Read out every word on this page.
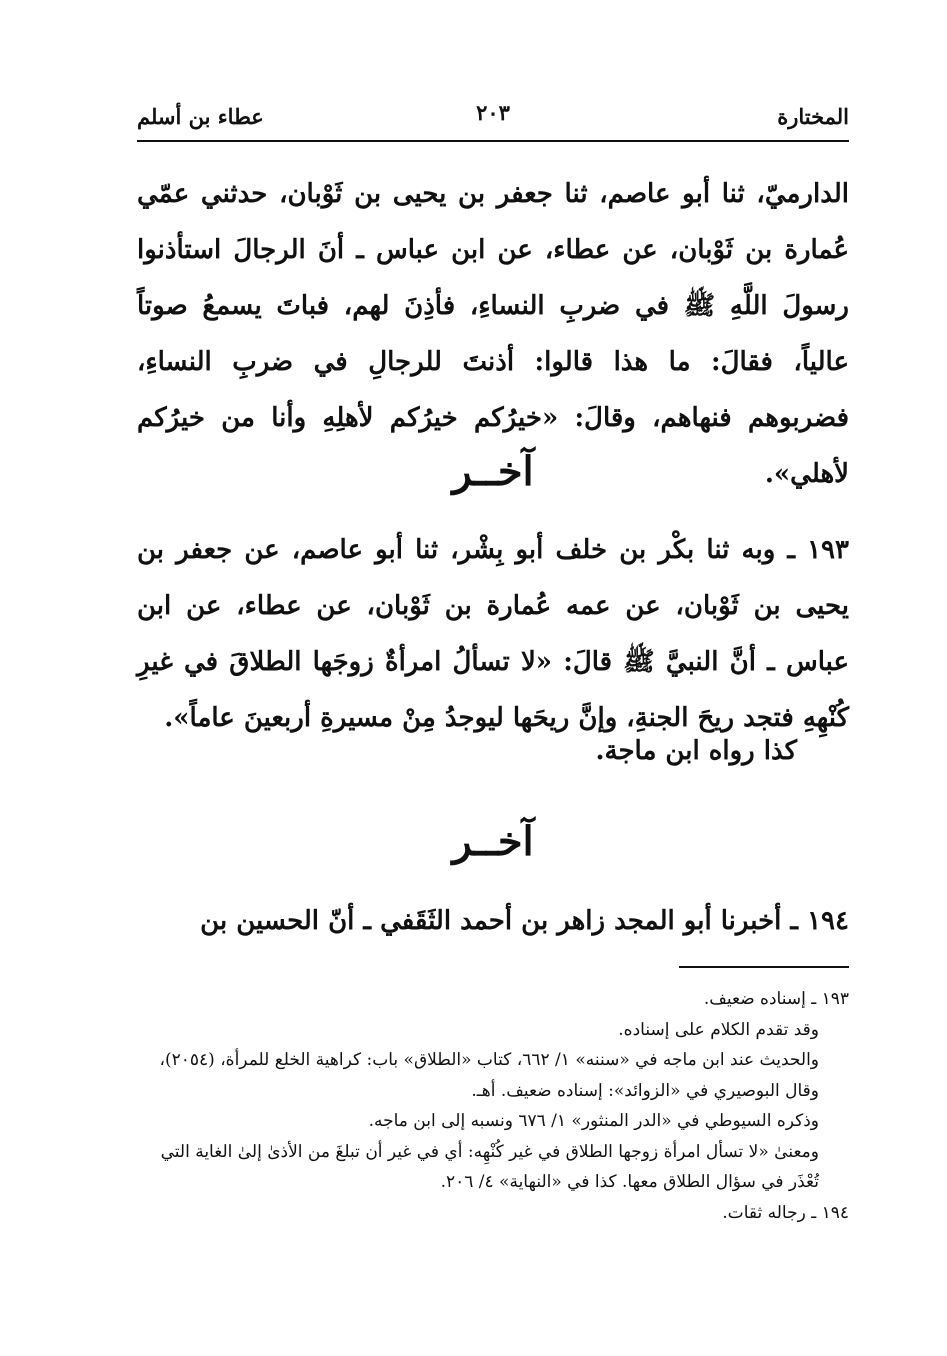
المختارة
٢٠٣
عطاء بن أسلم
الدارميّ، ثنا أبو عاصم، ثنا جعفر بن يحيى بن ثَوْبان، حدثني عمّي عُمارة بن ثَوْبان، عن عطاء، عن ابن عباس ـ أنَ الرجالَ استأذنوا رسولَ اللَّهِ ﷺ في ضربِ النساءِ، فأذِنَ لهم، فباتَ يسمعُ صوتاً عالياً، فقالَ: ما هذا قالوا: أذنتَ للرجالِ في ضربِ النساءِ، فضربوهم فنهاهم، وقالَ: «خيرُكم خيرُكم لأهلِهِ وأنا من خيرُكم لأهلي».
آخــر
١٩٣ ـ وبه ثنا بكْر بن خلف أبو بِشْر، ثنا أبو عاصم، عن جعفر بن يحيى بن ثَوْبان، عن عمه عُمارة بن ثَوْبان، عن عطاء، عن ابن عباس ـ أنَّ النبيَّ ﷺ قالَ: «لا تسألُ امرأةٌ زوجَها الطلاقَ في غيرِ كُنْهِهِ فتجد ريحَ الجنةِ، وإنَّ ريحَها ليوجدُ مِنْ مسيرةِ أربعينَ عاماً».
كذا رواه ابن ماجة.
آخــر
١٩٤ ـ أخبرنا أبو المجد زاهر بن أحمد الثَقَفي ـ أنّ الحسين بن

١٩٣ ـ إسناده ضعيف.

وقد تقدم الكلام على إسناده.

والحديث عند ابن ماجه في «سننه» ١/ ٦٦٢، كتاب «الطلاق» باب: كراهية الخلع للمرأة، (٢٠٥٤)، وقال البوصيري في «الزوائد»: إسناده ضعيف. أهـ.

وذكره السيوطي في «الدر المنثور» ١/ ٦٧٦ ونسبه إلى ابن ماجه.

ومعنىٰ «لا تسأل امرأة زوجها الطلاق في غير كُنْهِه: أي في غير أن تبلغَ من الأذىٰ إلىٰ الغاية التي تُعْذَر في سؤال الطلاق معها. كذا في «النهاية» ٤/ ٢٠٦.

١٩٤ ـ رجاله ثقات.
